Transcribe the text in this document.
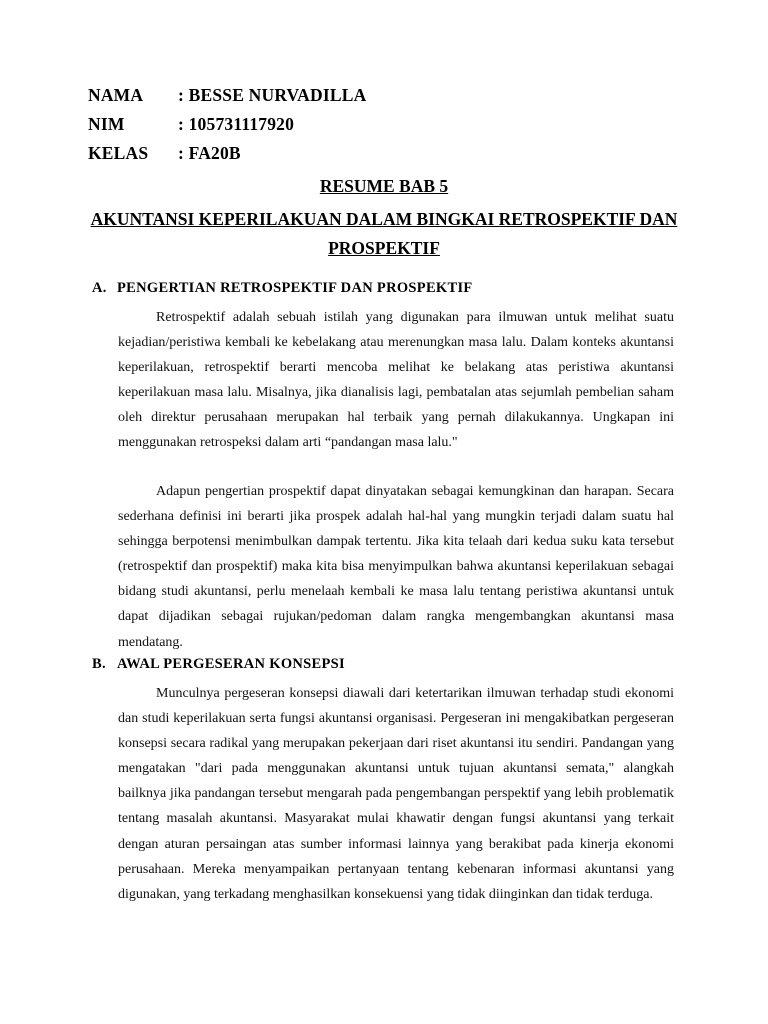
NAMA	: BESSE NURVADILLA
NIM	: 105731117920
KELAS	: FA20B
RESUME BAB 5
AKUNTANSI KEPERILAKUAN DALAM BINGKAI RETROSPEKTIF DAN PROSPEKTIF
A. PENGERTIAN RETROSPEKTIF DAN PROSPEKTIF

Retrospektif adalah sebuah istilah yang digunakan para ilmuwan untuk melihat suatu kejadian/peristiwa kembali ke kebelakang atau merenungkan masa lalu. Dalam konteks akuntansi keperilakuan, retrospektif berarti mencoba melihat ke belakang atas peristiwa akuntansi keperilakuan masa lalu. Misalnya, jika dianalisis lagi, pembatalan atas sejumlah pembelian saham oleh direktur perusahaan merupakan hal terbaik yang pernah dilakukannya. Ungkapan ini menggunakan retrospeksi dalam arti “pandangan masa lalu."

Adapun pengertian prospektif dapat dinyatakan sebagai kemungkinan dan harapan. Secara sederhana definisi ini berarti jika prospek adalah hal-hal yang mungkin terjadi dalam suatu hal sehingga berpotensi menimbulkan dampak tertentu. Jika kita telaah dari kedua suku kata tersebut (retrospektif dan prospektif) maka kita bisa menyimpulkan bahwa akuntansi keperilakuan sebagai bidang studi akuntansi, perlu menelaah kembali ke masa lalu tentang peristiwa akuntansi untuk dapat dijadikan sebagai rujukan/pedoman dalam rangka mengembangkan akuntansi masa mendatang.

B. AWAL PERGESERAN KONSEPSI

Munculnya pergeseran konsepsi diawali dari ketertarikan ilmuwan terhadap studi ekonomi dan studi keperilakuan serta fungsi akuntansi organisasi. Pergeseran ini mengakibatkan pergeseran konsepsi secara radikal yang merupakan pekerjaan dari riset akuntansi itu sendiri. Pandangan yang mengatakan "dari pada menggunakan akuntansi untuk tujuan akuntansi semata," alangkah bailknya jika pandangan tersebut mengarah pada pengembangan perspektif yang lebih problematik tentang masalah akuntansi. Masyarakat mulai khawatir dengan fungsi akuntansi yang terkait dengan aturan persaingan atas sumber informasi lainnya yang berakibat pada kinerja ekonomi perusahaan. Mereka menyampaikan pertanyaan tentang kebenaran informasi akuntansi yang digunakan, yang terkadang menghasilkan konsekuensi yang tidak diinginkan dan tidak terduga.
